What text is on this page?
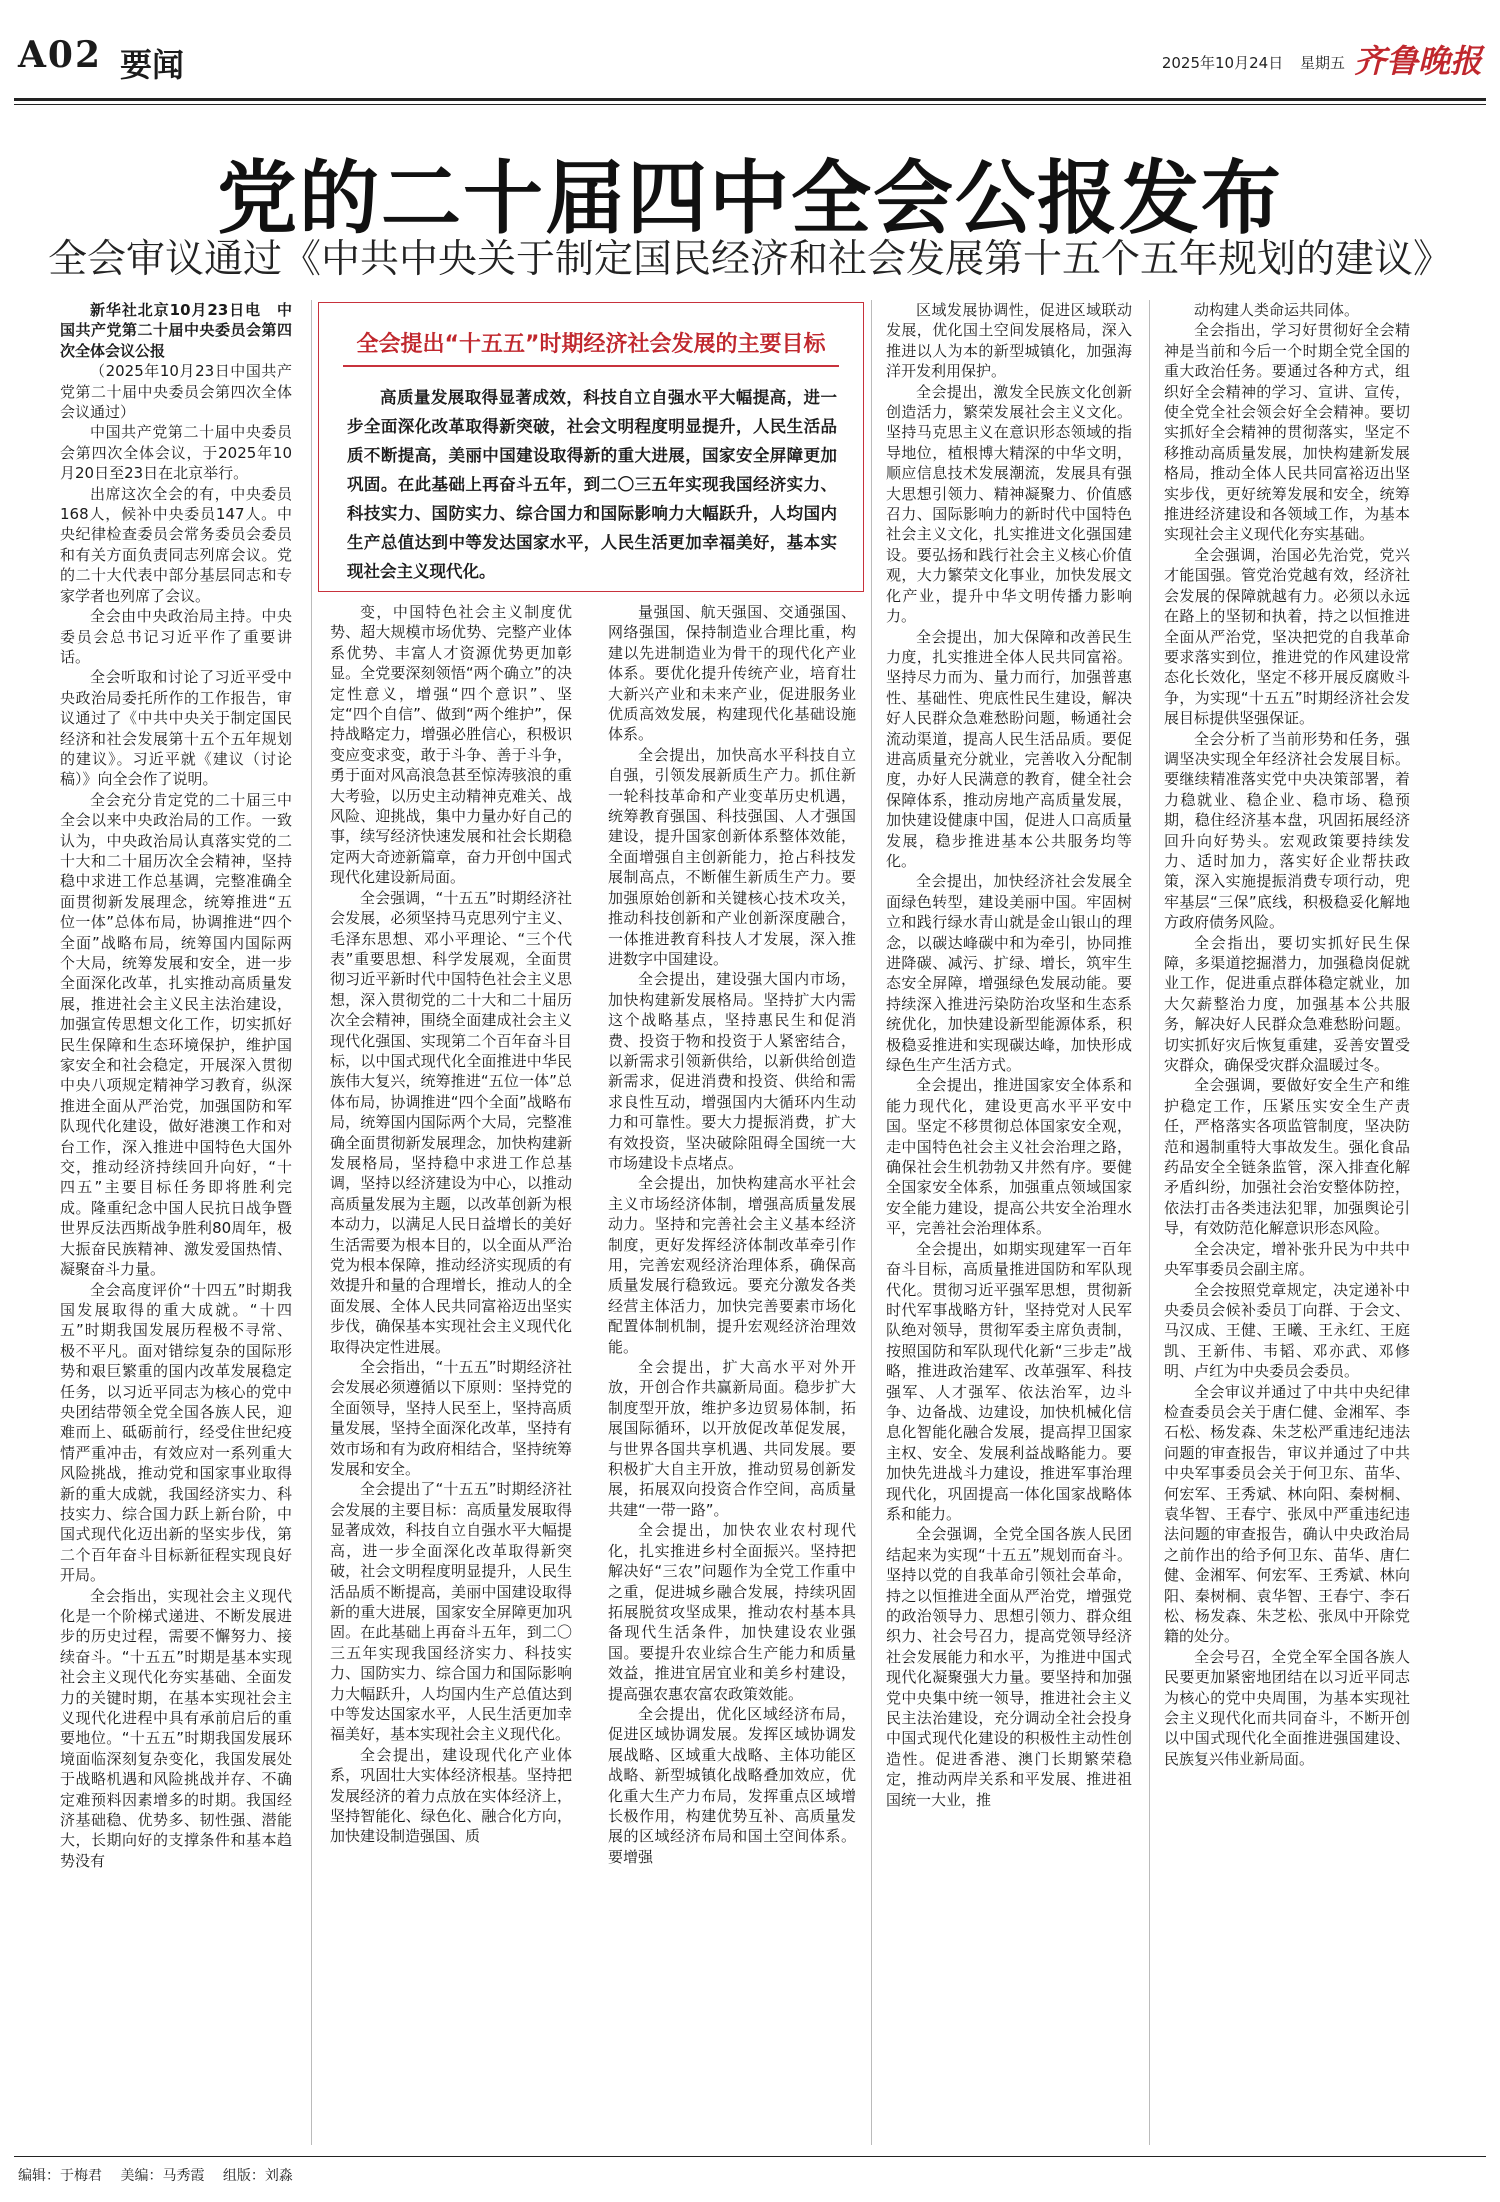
A02 要闻	2025年10月24日 星期五 齐鲁晚报
党的二十届四中全会公报发布
全会审议通过《中共中央关于制定国民经济和社会发展第十五个五年规划的建议》

新华社北京10月23日电　中国共产党第二十届中央委员会第四次全体会议公报

（2025年10月23日中国共产党第二十届中央委员会第四次全体会议通过）

中国共产党第二十届中央委员会第四次全体会议，于2025年10月20日至23日在北京举行。

出席这次全会的有，中央委员168人，候补中央委员147人。中央纪律检查委员会常务委员会委员和有关方面负责同志列席会议。党的二十大代表中部分基层同志和专家学者也列席了会议。

全会由中央政治局主持。中央委员会总书记习近平作了重要讲话。

全会听取和讨论了习近平受中央政治局委托所作的工作报告，审议通过了《中共中央关于制定国民经济和社会发展第十五个五年规划的建议》。习近平就《建议（讨论稿）》向全会作了说明。

全会充分肯定党的二十届三中全会以来中央政治局的工作。一致认为，中央政治局认真落实党的二十大和二十届历次全会精神，坚持稳中求进工作总基调，完整准确全面贯彻新发展理念，统筹推进“五位一体”总体布局，协调推进“四个全面”战略布局，统筹国内国际两个大局，统筹发展和安全，进一步全面深化改革，扎实推动高质量发展，推进社会主义民主法治建设，加强宣传思想文化工作，切实抓好民生保障和生态环境保护，维护国家安全和社会稳定，开展深入贯彻中央八项规定精神学习教育，纵深推进全面从严治党，加强国防和军队现代化建设，做好港澳工作和对台工作，深入推进中国特色大国外交，推动经济持续回升向好，“十四五”主要目标任务即将胜利完成。隆重纪念中国人民抗日战争暨世界反法西斯战争胜利80周年，极大振奋民族精神、激发爱国热情、凝聚奋斗力量。

全会高度评价“十四五”时期我国发展取得的重大成就。“十四五”时期我国发展历程极不寻常、极不平凡。面对错综复杂的国际形势和艰巨繁重的国内改革发展稳定任务，以习近平同志为核心的党中央团结带领全党全国各族人民，迎难而上、砥砺前行，经受住世纪疫情严重冲击，有效应对一系列重大风险挑战，推动党和国家事业取得新的重大成就，我国经济实力、科技实力、综合国力跃上新台阶，中国式现代化迈出新的坚实步伐，第二个百年奋斗目标新征程实现良好开局。

全会指出，实现社会主义现代化是一个阶梯式递进、不断发展进步的历史过程，需要不懈努力、接续奋斗。“十五五”时期是基本实现社会主义现代化夯实基础、全面发力的关键时期，在基本实现社会主义现代化进程中具有承前启后的重要地位。“十五五”时期我国发展环境面临深刻复杂变化，我国发展处于战略机遇和风险挑战并存、不确定难预料因素增多的时期。我国经济基础稳、优势多、韧性强、潜能大，长期向好的支撑条件和基本趋势没有

全会提出“十五五”时期经济社会发展的主要目标
高质量发展取得显著成效，科技自立自强水平大幅提高，进一步全面深化改革取得新突破，社会文明程度明显提升，人民生活品质不断提高，美丽中国建设取得新的重大进展，国家安全屏障更加巩固。在此基础上再奋斗五年，到二〇三五年实现我国经济实力、科技实力、国防实力、综合国力和国际影响力大幅跃升，人均国内生产总值达到中等发达国家水平，人民生活更加幸福美好，基本实现社会主义现代化。

变，中国特色社会主义制度优势、超大规模市场优势、完整产业体系优势、丰富人才资源优势更加彰显。全党要深刻领悟“两个确立”的决定性意义，增强“四个意识”、坚定“四个自信”、做到“两个维护”，保持战略定力，增强必胜信心，积极识变应变求变，敢于斗争、善于斗争，勇于面对风高浪急甚至惊涛骇浪的重大考验，以历史主动精神克难关、战风险、迎挑战，集中力量办好自己的事，续写经济快速发展和社会长期稳定两大奇迹新篇章，奋力开创中国式现代化建设新局面。

全会强调，“十五五”时期经济社会发展，必须坚持马克思列宁主义、毛泽东思想、邓小平理论、“三个代表”重要思想、科学发展观，全面贯彻习近平新时代中国特色社会主义思想，深入贯彻党的二十大和二十届历次全会精神，围绕全面建成社会主义现代化强国、实现第二个百年奋斗目标，以中国式现代化全面推进中华民族伟大复兴，统筹推进“五位一体”总体布局，协调推进“四个全面”战略布局，统筹国内国际两个大局，完整准确全面贯彻新发展理念，加快构建新发展格局，坚持稳中求进工作总基调，坚持以经济建设为中心，以推动高质量发展为主题，以改革创新为根本动力，以满足人民日益增长的美好生活需要为根本目的，以全面从严治党为根本保障，推动经济实现质的有效提升和量的合理增长，推动人的全面发展、全体人民共同富裕迈出坚实步伐，确保基本实现社会主义现代化取得决定性进展。

全会指出，“十五五”时期经济社会发展必须遵循以下原则：坚持党的全面领导，坚持人民至上，坚持高质量发展，坚持全面深化改革，坚持有效市场和有为政府相结合，坚持统筹发展和安全。

全会提出了“十五五”时期经济社会发展的主要目标：高质量发展取得显著成效，科技自立自强水平大幅提高，进一步全面深化改革取得新突破，社会文明程度明显提升，人民生活品质不断提高，美丽中国建设取得新的重大进展，国家安全屏障更加巩固。在此基础上再奋斗五年，到二〇三五年实现我国经济实力、科技实力、国防实力、综合国力和国际影响力大幅跃升，人均国内生产总值达到中等发达国家水平，人民生活更加幸福美好，基本实现社会主义现代化。

全会提出，建设现代化产业体系，巩固壮大实体经济根基。坚持把发展经济的着力点放在实体经济上，坚持智能化、绿色化、融合化方向，加快建设制造强国、质

量强国、航天强国、交通强国、网络强国，保持制造业合理比重，构建以先进制造业为骨干的现代化产业体系。要优化提升传统产业，培育壮大新兴产业和未来产业，促进服务业优质高效发展，构建现代化基础设施体系。

全会提出，加快高水平科技自立自强，引领发展新质生产力。抓住新一轮科技革命和产业变革历史机遇，统筹教育强国、科技强国、人才强国建设，提升国家创新体系整体效能，全面增强自主创新能力，抢占科技发展制高点，不断催生新质生产力。要加强原始创新和关键核心技术攻关，推动科技创新和产业创新深度融合，一体推进教育科技人才发展，深入推进数字中国建设。

全会提出，建设强大国内市场，加快构建新发展格局。坚持扩大内需这个战略基点，坚持惠民生和促消费、投资于物和投资于人紧密结合，以新需求引领新供给，以新供给创造新需求，促进消费和投资、供给和需求良性互动，增强国内大循环内生动力和可靠性。要大力提振消费，扩大有效投资，坚决破除阻碍全国统一大市场建设卡点堵点。

全会提出，加快构建高水平社会主义市场经济体制，增强高质量发展动力。坚持和完善社会主义基本经济制度，更好发挥经济体制改革牵引作用，完善宏观经济治理体系，确保高质量发展行稳致远。要充分激发各类经营主体活力，加快完善要素市场化配置体制机制，提升宏观经济治理效能。

全会提出，扩大高水平对外开放，开创合作共赢新局面。稳步扩大制度型开放，维护多边贸易体制，拓展国际循环，以开放促改革促发展，与世界各国共享机遇、共同发展。要积极扩大自主开放，推动贸易创新发展，拓展双向投资合作空间，高质量共建“一带一路”。

全会提出，加快农业农村现代化，扎实推进乡村全面振兴。坚持把解决好“三农”问题作为全党工作重中之重，促进城乡融合发展，持续巩固拓展脱贫攻坚成果，推动农村基本具备现代生活条件，加快建设农业强国。要提升农业综合生产能力和质量效益，推进宜居宜业和美乡村建设，提高强农惠农富农政策效能。

全会提出，优化区域经济布局，促进区域协调发展。发挥区域协调发展战略、区域重大战略、主体功能区战略、新型城镇化战略叠加效应，优化重大生产力布局，发挥重点区域增长极作用，构建优势互补、高质量发展的区域经济布局和国土空间体系。要增强

区域发展协调性，促进区域联动发展，优化国土空间发展格局，深入推进以人为本的新型城镇化，加强海洋开发利用保护。

全会提出，激发全民族文化创新创造活力，繁荣发展社会主义文化。坚持马克思主义在意识形态领域的指导地位，植根博大精深的中华文明，顺应信息技术发展潮流，发展具有强大思想引领力、精神凝聚力、价值感召力、国际影响力的新时代中国特色社会主义文化，扎实推进文化强国建设。要弘扬和践行社会主义核心价值观，大力繁荣文化事业，加快发展文化产业，提升中华文明传播力影响力。

全会提出，加大保障和改善民生力度，扎实推进全体人民共同富裕。坚持尽力而为、量力而行，加强普惠性、基础性、兜底性民生建设，解决好人民群众急难愁盼问题，畅通社会流动渠道，提高人民生活品质。要促进高质量充分就业，完善收入分配制度，办好人民满意的教育，健全社会保障体系，推动房地产高质量发展，加快建设健康中国，促进人口高质量发展，稳步推进基本公共服务均等化。

全会提出，加快经济社会发展全面绿色转型，建设美丽中国。牢固树立和践行绿水青山就是金山银山的理念，以碳达峰碳中和为牵引，协同推进降碳、减污、扩绿、增长，筑牢生态安全屏障，增强绿色发展动能。要持续深入推进污染防治攻坚和生态系统优化，加快建设新型能源体系，积极稳妥推进和实现碳达峰，加快形成绿色生产生活方式。

全会提出，推进国家安全体系和能力现代化，建设更高水平平安中国。坚定不移贯彻总体国家安全观，走中国特色社会主义社会治理之路，确保社会生机勃勃又井然有序。要健全国家安全体系，加强重点领域国家安全能力建设，提高公共安全治理水平，完善社会治理体系。

全会提出，如期实现建军一百年奋斗目标，高质量推进国防和军队现代化。贯彻习近平强军思想，贯彻新时代军事战略方针，坚持党对人民军队绝对领导，贯彻军委主席负责制，按照国防和军队现代化新“三步走”战略，推进政治建军、改革强军、科技强军、人才强军、依法治军，边斗争、边备战、边建设，加快机械化信息化智能化融合发展，提高捍卫国家主权、安全、发展利益战略能力。要加快先进战斗力建设，推进军事治理现代化，巩固提高一体化国家战略体系和能力。

全会强调，全党全国各族人民团结起来为实现“十五五”规划而奋斗。坚持以党的自我革命引领社会革命，持之以恒推进全面从严治党，增强党的政治领导力、思想引领力、群众组织力、社会号召力，提高党领导经济社会发展能力和水平，为推进中国式现代化凝聚强大力量。要坚持和加强党中央集中统一领导，推进社会主义民主法治建设，充分调动全社会投身中国式现代化建设的积极性主动性创造性。促进香港、澳门长期繁荣稳定，推动两岸关系和平发展、推进祖国统一大业，推

动构建人类命运共同体。

全会指出，学习好贯彻好全会精神是当前和今后一个时期全党全国的重大政治任务。要通过各种方式，组织好全会精神的学习、宣讲、宣传，使全党全社会领会好全会精神。要切实抓好全会精神的贯彻落实，坚定不移推动高质量发展，加快构建新发展格局，推动全体人民共同富裕迈出坚实步伐，更好统筹发展和安全，统筹推进经济建设和各领域工作，为基本实现社会主义现代化夯实基础。

全会强调，治国必先治党，党兴才能国强。管党治党越有效，经济社会发展的保障就越有力。必须以永远在路上的坚韧和执着，持之以恒推进全面从严治党，坚决把党的自我革命要求落实到位，推进党的作风建设常态化长效化，坚定不移开展反腐败斗争，为实现“十五五”时期经济社会发展目标提供坚强保证。

全会分析了当前形势和任务，强调坚决实现全年经济社会发展目标。要继续精准落实党中央决策部署，着力稳就业、稳企业、稳市场、稳预期，稳住经济基本盘，巩固拓展经济回升向好势头。宏观政策要持续发力、适时加力，落实好企业帮扶政策，深入实施提振消费专项行动，兜牢基层“三保”底线，积极稳妥化解地方政府债务风险。

全会指出，要切实抓好民生保障，多渠道挖掘潜力，加强稳岗促就业工作，促进重点群体稳定就业，加大欠薪整治力度，加强基本公共服务，解决好人民群众急难愁盼问题。切实抓好灾后恢复重建，妥善安置受灾群众，确保受灾群众温暖过冬。

全会强调，要做好安全生产和维护稳定工作，压紧压实安全生产责任，严格落实各项监管制度，坚决防范和遏制重特大事故发生。强化食品药品安全全链条监管，深入排查化解矛盾纠纷，加强社会治安整体防控，依法打击各类违法犯罪，加强舆论引导，有效防范化解意识形态风险。

全会决定，增补张升民为中共中央军事委员会副主席。

全会按照党章规定，决定递补中央委员会候补委员丁向群、于会文、马汉成、王健、王曦、王永红、王庭凯、王新伟、韦韬、邓亦武、邓修明、卢红为中央委员会委员。

全会审议并通过了中共中央纪律检查委员会关于唐仁健、金湘军、李石松、杨发森、朱芝松严重违纪违法问题的审查报告，审议并通过了中共中央军事委员会关于何卫东、苗华、何宏军、王秀斌、林向阳、秦树桐、袁华智、王春宁、张凤中严重违纪违法问题的审查报告，确认中央政治局之前作出的给予何卫东、苗华、唐仁健、金湘军、何宏军、王秀斌、林向阳、秦树桐、袁华智、王春宁、李石松、杨发森、朱芝松、张凤中开除党籍的处分。

全会号召，全党全军全国各族人民要更加紧密地团结在以习近平同志为核心的党中央周围，为基本实现社会主义现代化而共同奋斗，不断开创以中国式现代化全面推进强国建设、民族复兴伟业新局面。

编辑：于梅君 美编：马秀霞 组版：刘淼
